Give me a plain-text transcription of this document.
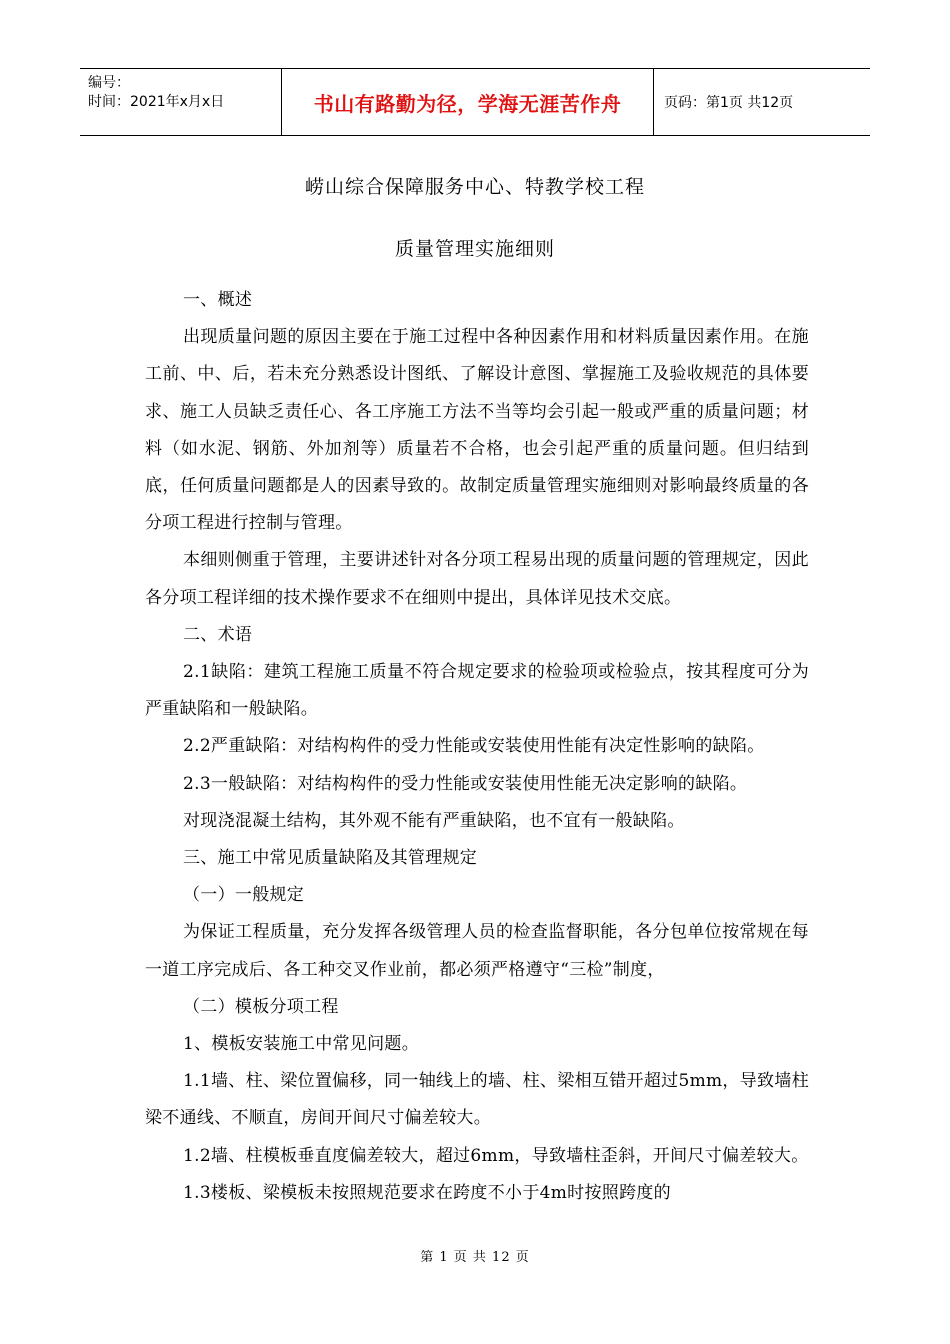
编号：
时间：2021年x月x日	书山有路勤为径，学海无涯苦作舟	页码：第1页 共12页
崂山综合保障服务中心、特教学校工程
质量管理实施细则

一、概述

出现质量问题的原因主要在于施工过程中各种因素作用和材料质量因素作用。在施工前、中、后，若未充分熟悉设计图纸、了解设计意图、掌握施工及验收规范的具体要求、施工人员缺乏责任心、各工序施工方法不当等均会引起一般或严重的质量问题；材料（如水泥、钢筋、外加剂等）质量若不合格，也会引起严重的质量问题。但归结到底，任何质量问题都是人的因素导致的。故制定质量管理实施细则对影响最终质量的各分项工程进行控制与管理。

本细则侧重于管理，主要讲述针对各分项工程易出现的质量问题的管理规定，因此各分项工程详细的技术操作要求不在细则中提出，具体详见技术交底。

二、术语

2.1缺陷：建筑工程施工质量不符合规定要求的检验项或检验点，按其程度可分为严重缺陷和一般缺陷。

2.2严重缺陷：对结构构件的受力性能或安装使用性能有决定性影响的缺陷。

2.3一般缺陷：对结构构件的受力性能或安装使用性能无决定影响的缺陷。

对现浇混凝土结构，其外观不能有严重缺陷，也不宜有一般缺陷。

三、施工中常见质量缺陷及其管理规定

（一）一般规定

为保证工程质量，充分发挥各级管理人员的检查监督职能，各分包单位按常规在每一道工序完成后、各工种交叉作业前，都必须严格遵守“三检”制度，

（二）模板分项工程

1、模板安装施工中常见问题。

1.1墙、柱、梁位置偏移，同一轴线上的墙、柱、梁相互错开超过5mm，导致墙柱梁不通线、不顺直，房间开间尺寸偏差较大。

1.2墙、柱模板垂直度偏差较大，超过6mm，导致墙柱歪斜，开间尺寸偏差较大。

1.3楼板、梁模板未按照规范要求在跨度不小于4m时按照跨度的

第 1 页 共 12 页
